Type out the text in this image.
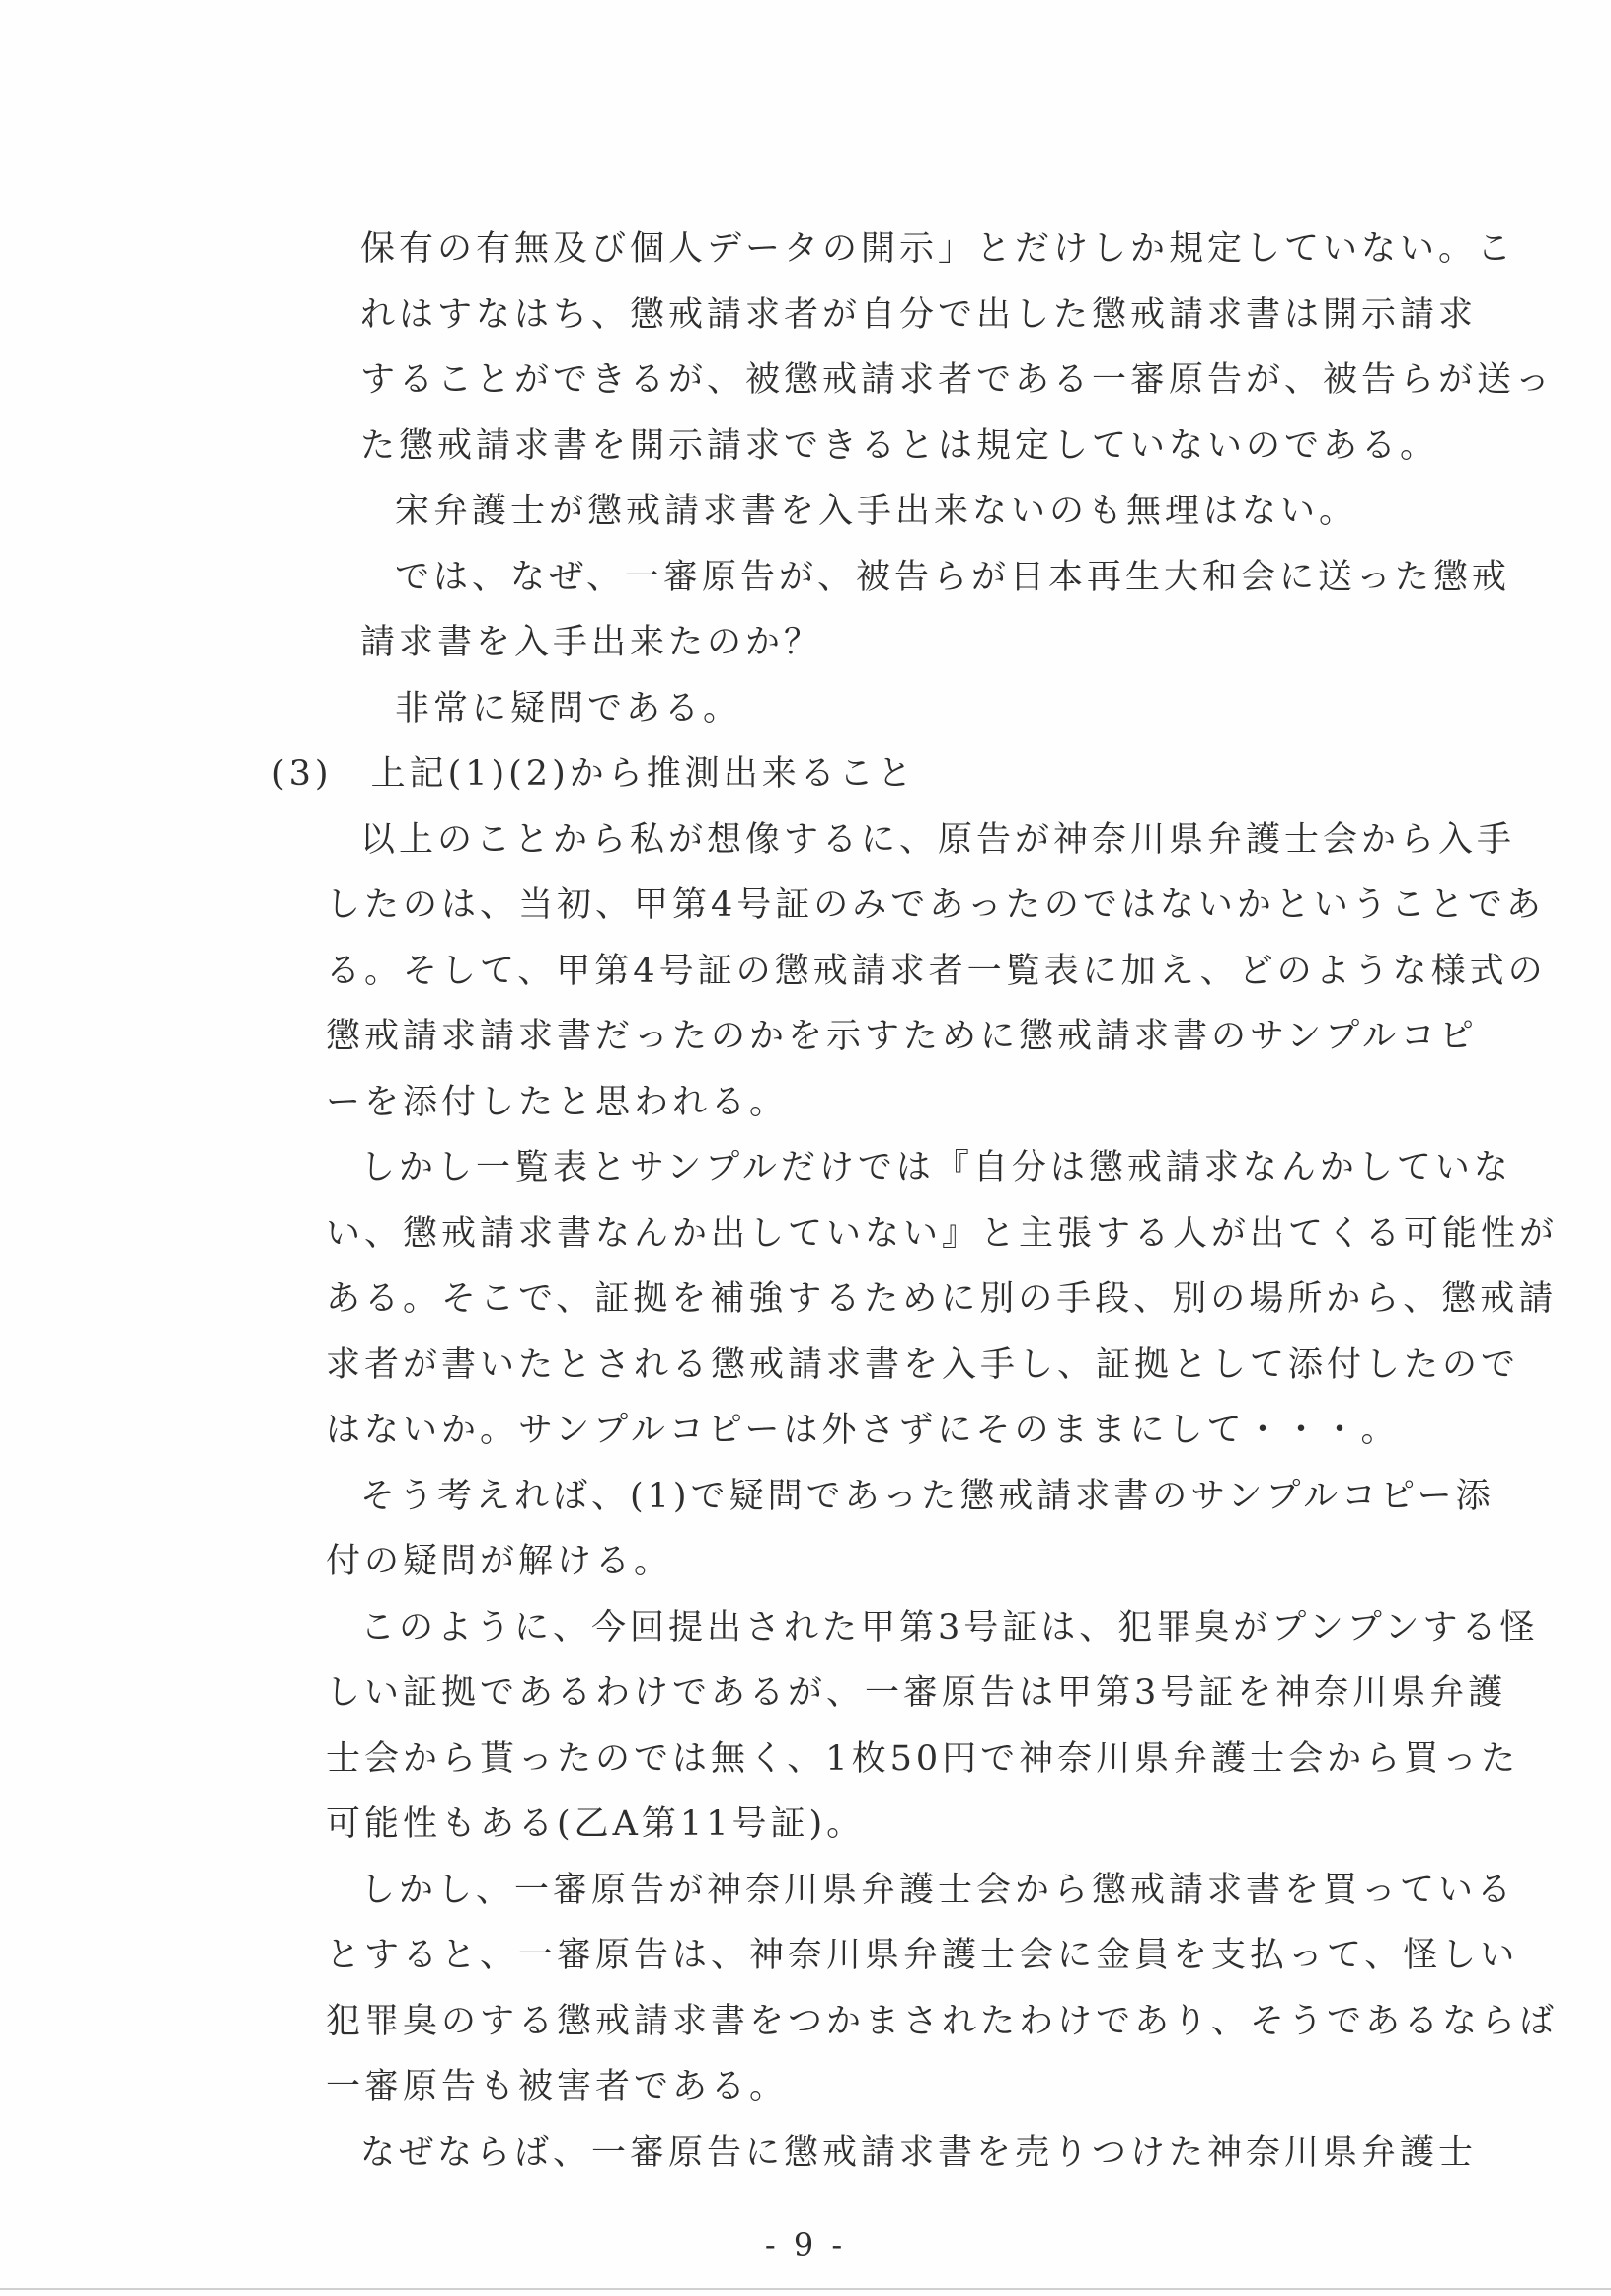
保有の有無及び個人データの開示」とだけしか規定していない。こ
れはすなはち、懲戒請求者が自分で出した懲戒請求書は開示請求
することができるが、被懲戒請求者である一審原告が、被告らが送っ
た懲戒請求書を開示請求できるとは規定していないのである。
宋弁護士が懲戒請求書を入手出来ないのも無理はない。
では、なぜ、一審原告が、被告らが日本再生大和会に送った懲戒
請求書を入手出来たのか？
非常に疑問である。
(3)　上記(1)(2)から推測出来ること
以上のことから私が想像するに、原告が神奈川県弁護士会から入手
したのは、当初、甲第4号証のみであったのではないかということであ
る。そして、甲第4号証の懲戒請求者一覧表に加え、どのような様式の
懲戒請求請求書だったのかを示すために懲戒請求書のサンプルコピ
ーを添付したと思われる。
しかし一覧表とサンプルだけでは『自分は懲戒請求なんかしていな
い、懲戒請求書なんか出していない』と主張する人が出てくる可能性が
ある。そこで、証拠を補強するために別の手段、別の場所から、懲戒請
求者が書いたとされる懲戒請求書を入手し、証拠として添付したので
はないか。サンプルコピーは外さずにそのままにして・・・。
そう考えれば、(1)で疑問であった懲戒請求書のサンプルコピー添
付の疑問が解ける。
このように、今回提出された甲第3号証は、犯罪臭がプンプンする怪
しい証拠であるわけであるが、一審原告は甲第3号証を神奈川県弁護
士会から貰ったのでは無く、1枚50円で神奈川県弁護士会から買った
可能性もある(乙A第11号証)。
しかし、一審原告が神奈川県弁護士会から懲戒請求書を買っている
とすると、一審原告は、神奈川県弁護士会に金員を支払って、怪しい
犯罪臭のする懲戒請求書をつかまされたわけであり、そうであるならば
一審原告も被害者である。
なぜならば、一審原告に懲戒請求書を売りつけた神奈川県弁護士
- 9 -
